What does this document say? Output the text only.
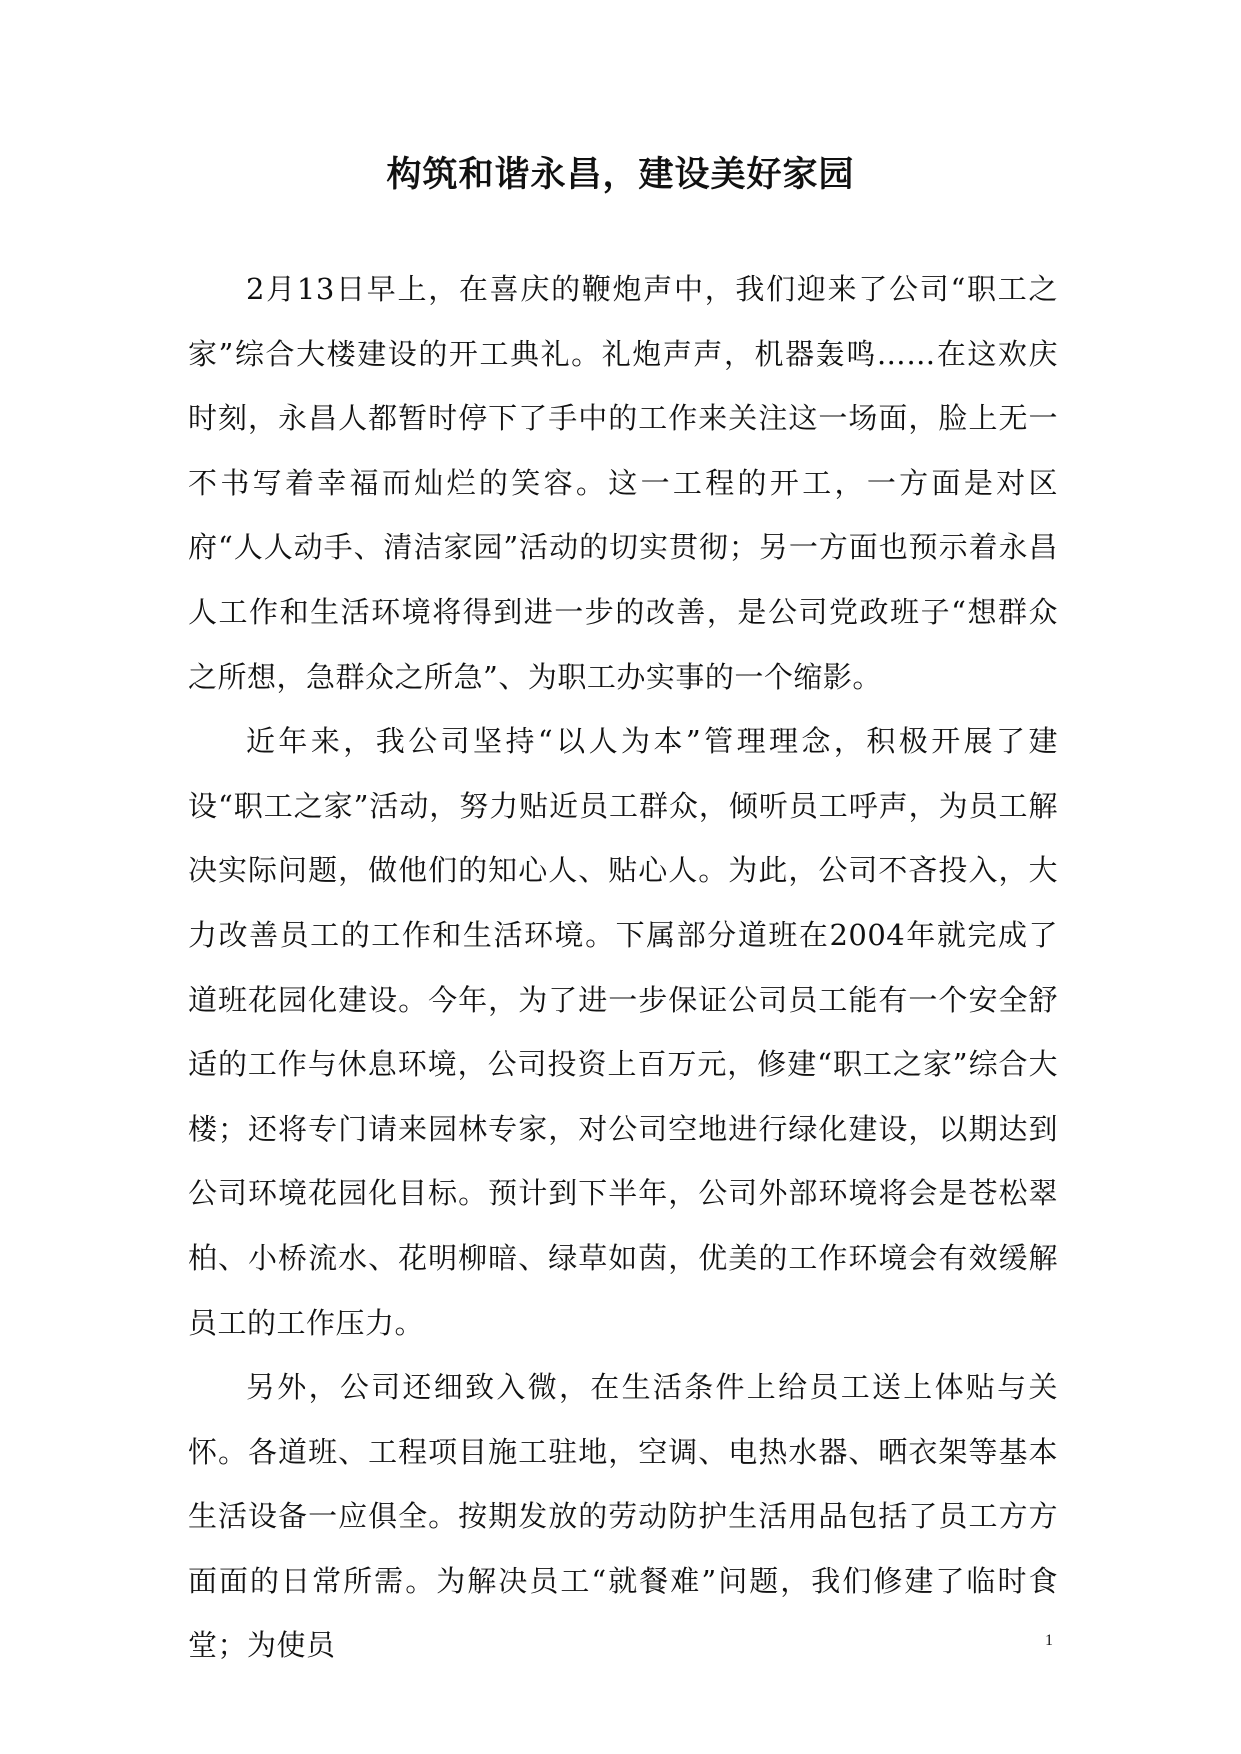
构筑和谐永昌，建设美好家园

2月13日早上，在喜庆的鞭炮声中，我们迎来了公司“职工之家”综合大楼建设的开工典礼。礼炮声声，机器轰鸣……在这欢庆时刻，永昌人都暂时停下了手中的工作来关注这一场面，脸上无一不书写着幸福而灿烂的笑容。这一工程的开工，一方面是对区府“人人动手、清洁家园”活动的切实贯彻；另一方面也预示着永昌人工作和生活环境将得到进一步的改善，是公司党政班子“想群众之所想，急群众之所急”、为职工办实事的一个缩影。

近年来，我公司坚持“以人为本”管理理念，积极开展了建设“职工之家”活动，努力贴近员工群众，倾听员工呼声，为员工解决实际问题，做他们的知心人、贴心人。为此，公司不吝投入，大力改善员工的工作和生活环境。下属部分道班在2004年就完成了道班花园化建设。今年，为了进一步保证公司员工能有一个安全舒适的工作与休息环境，公司投资上百万元，修建“职工之家”综合大楼；还将专门请来园林专家，对公司空地进行绿化建设，以期达到公司环境花园化目标。预计到下半年，公司外部环境将会是苍松翠柏、小桥流水、花明柳暗、绿草如茵，优美的工作环境会有效缓解员工的工作压力。

另外，公司还细致入微，在生活条件上给员工送上体贴与关怀。各道班、工程项目施工驻地，空调、电热水器、晒衣架等基本生活设备一应俱全。按期发放的劳动防护生活用品包括了员工方方面面的日常所需。为解决员工“就餐难”问题，我们修建了临时食堂；为使员	1
